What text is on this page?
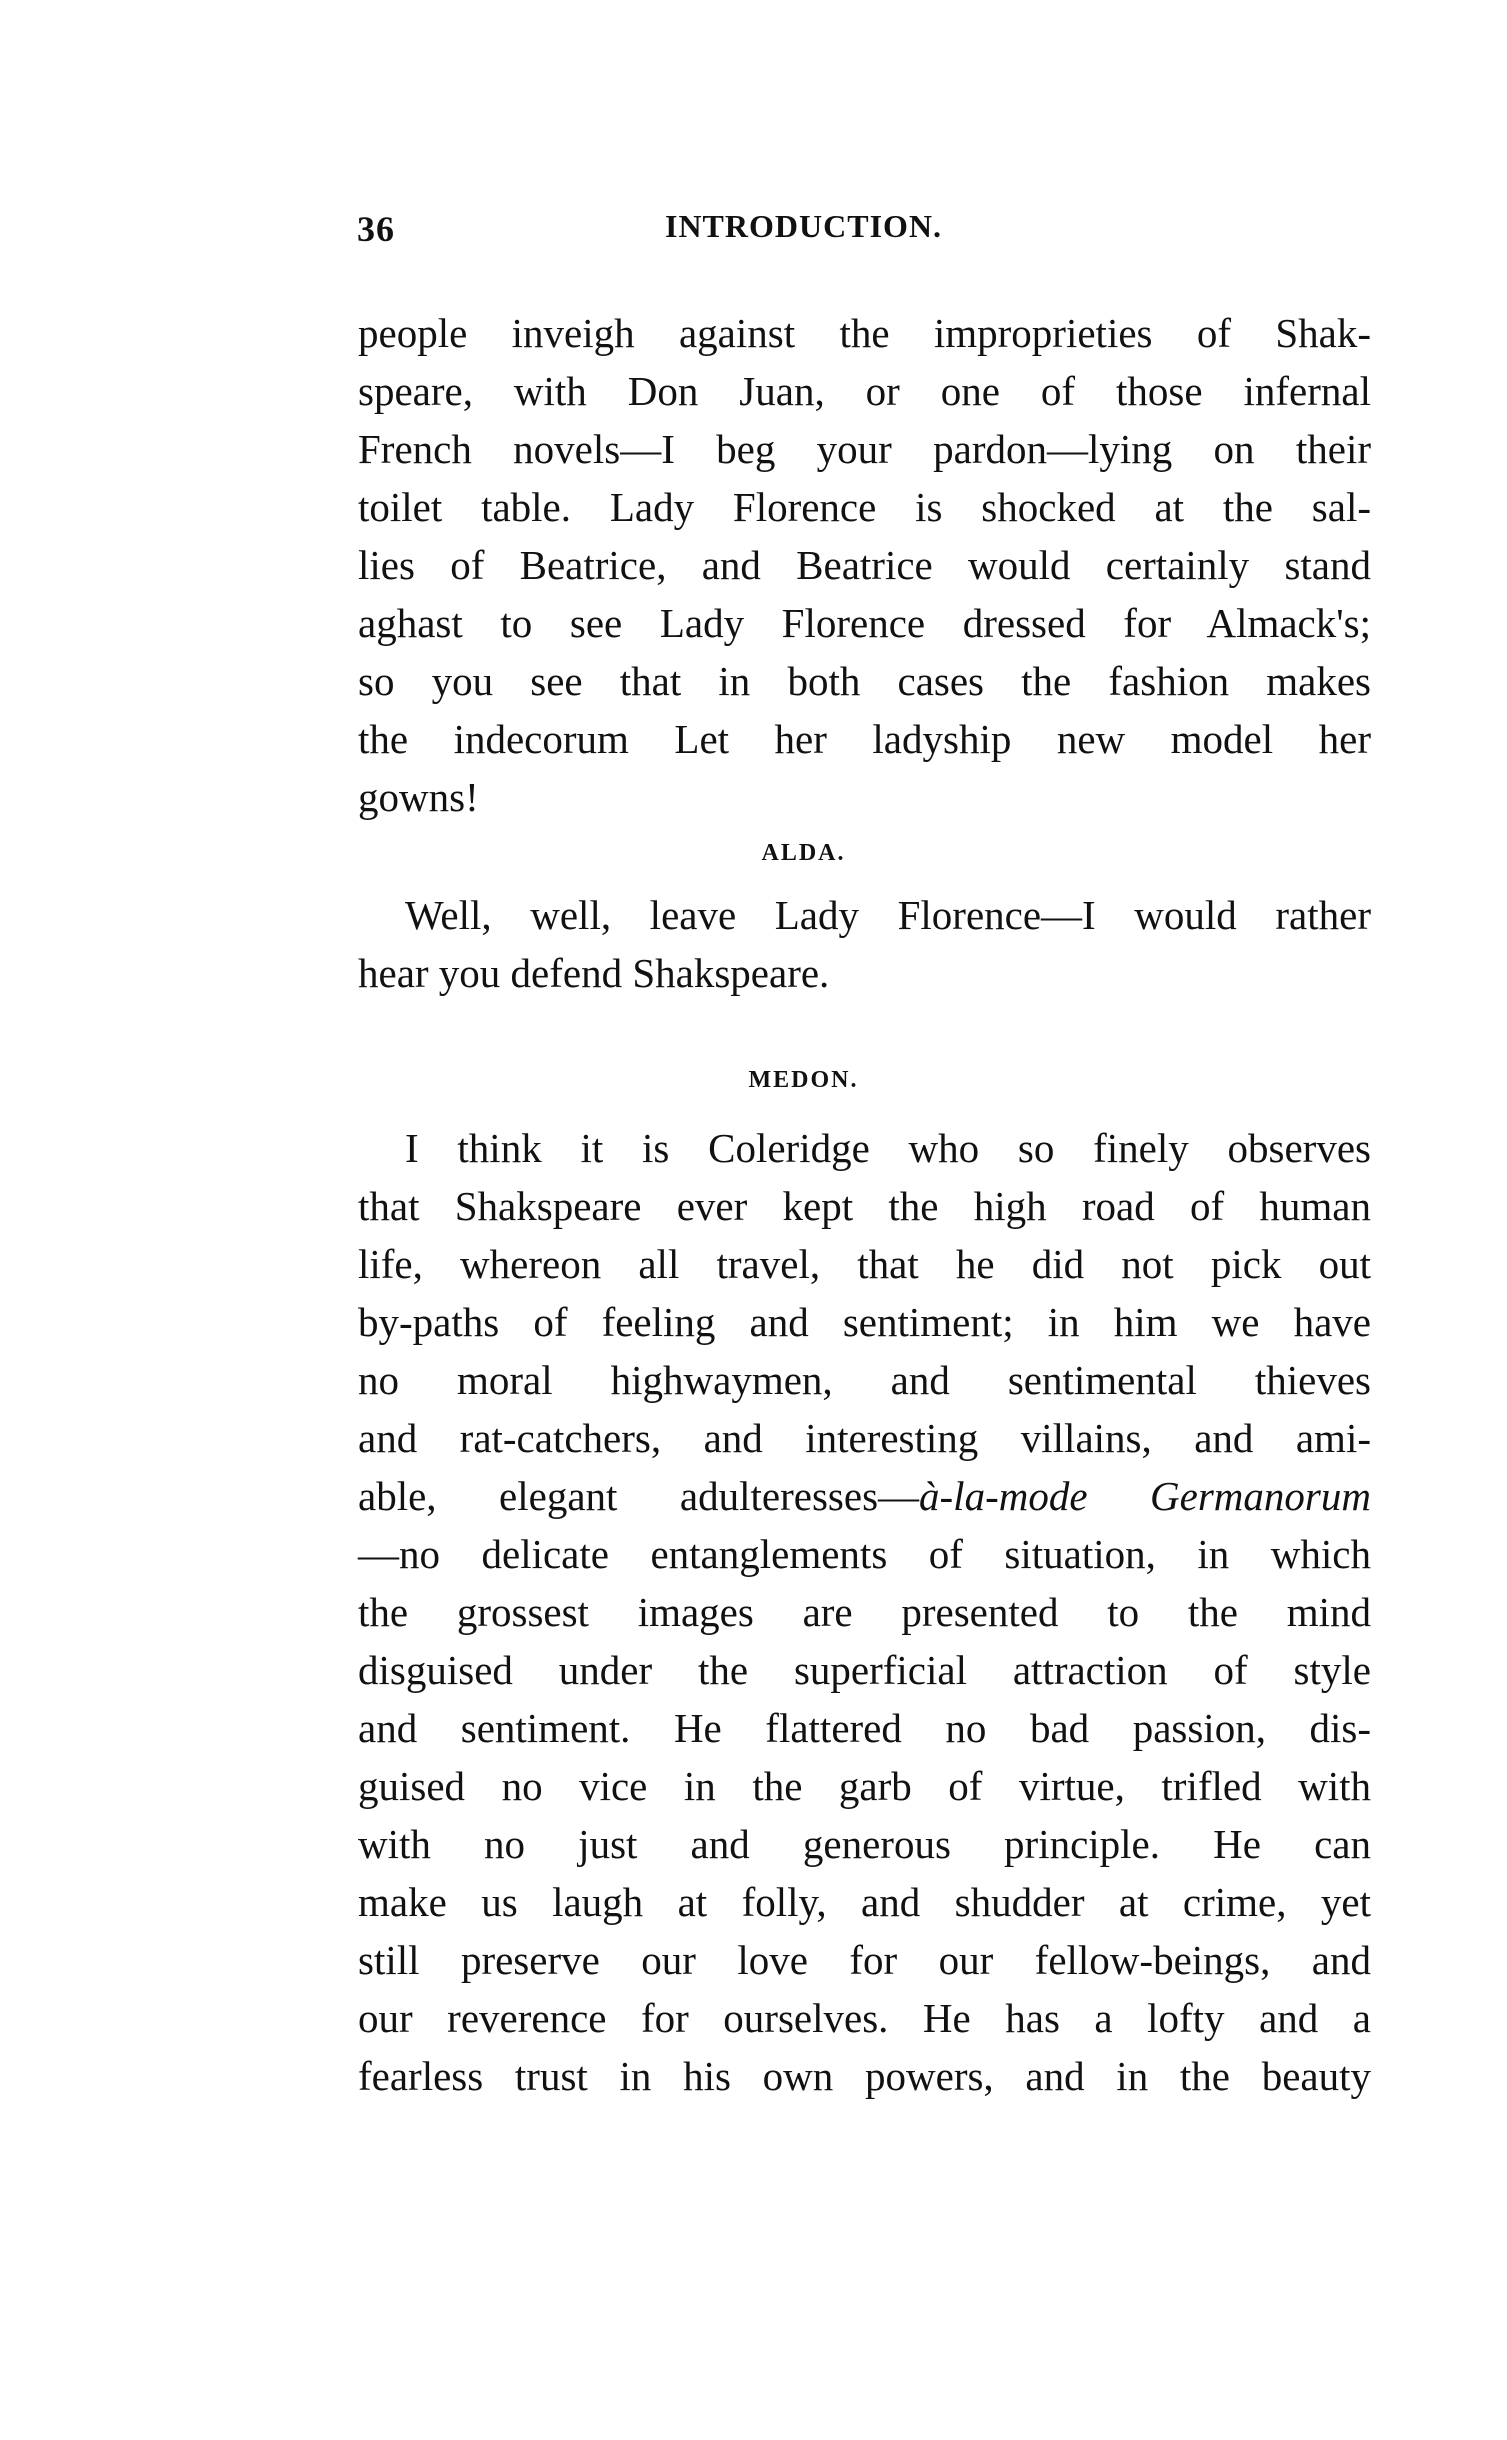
36	INTRODUCTION.
people inveigh against the improprieties of Shak-
speare, with Don Juan, or one of those infernal
French novels—I beg your pardon—lying on their
toilet table. Lady Florence is shocked at the sal-
lies of Beatrice, and Beatrice would certainly stand
aghast to see Lady Florence dressed for Almack's;
so you see that in both cases the fashion makes
the indecorum Let her ladyship new model her
gowns!
ALDA.
Well, well, leave Lady Florence—I would rather
hear you defend Shakspeare.
MEDON.
I think it is Coleridge who so finely observes
that Shakspeare ever kept the high road of human
life, whereon all travel, that he did not pick out
by-paths of feeling and sentiment; in him we have
no moral highwaymen, and sentimental thieves
and rat-catchers, and interesting villains, and ami-
able, elegant adulteresses—à-la-mode Germanorum
—no delicate entanglements of situation, in which
the grossest images are presented to the mind
disguised under the superficial attraction of style
and sentiment. He flattered no bad passion, dis-
guised no vice in the garb of virtue, trifled with
with no just and generous principle. He can
make us laugh at folly, and shudder at crime, yet
still preserve our love for our fellow-beings, and
our reverence for ourselves. He has a lofty and a
fearless trust in his own powers, and in the beauty
